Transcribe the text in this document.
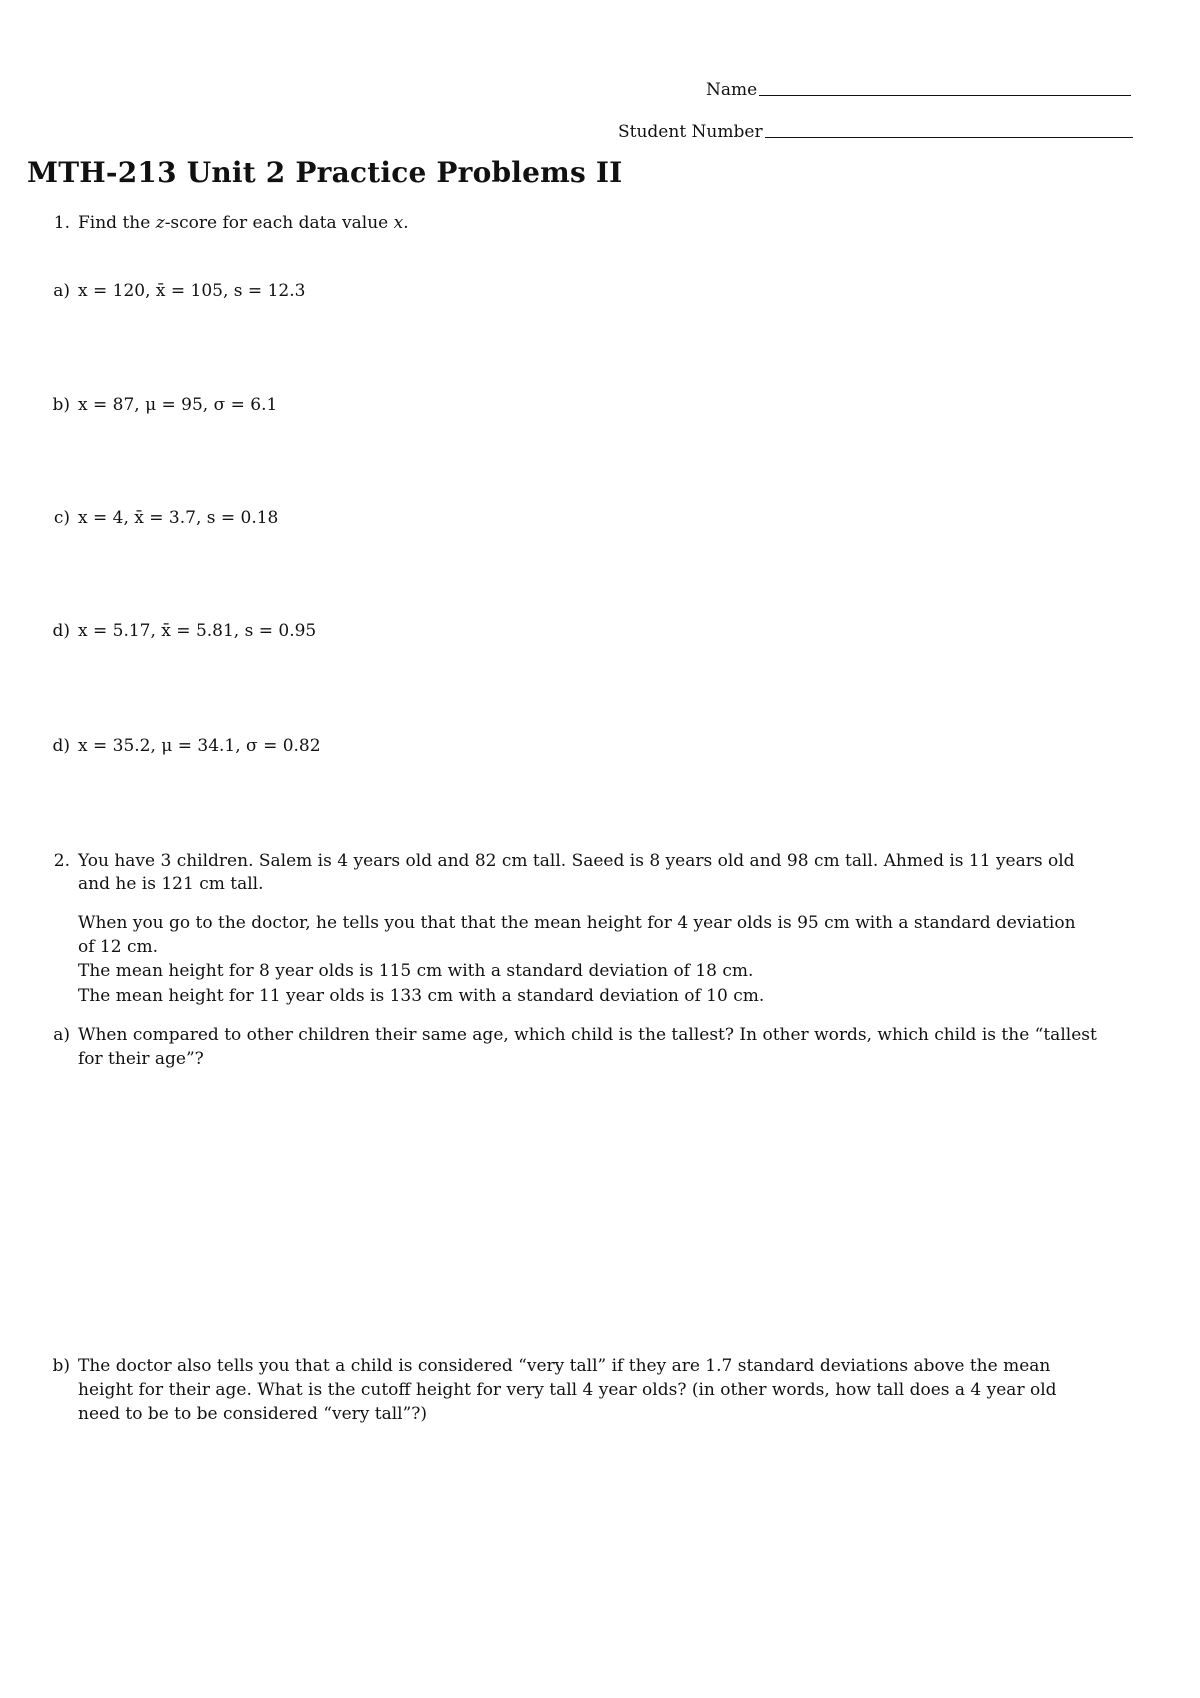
Name
Student Number
MTH-213 Unit 2 Practice Problems II
1. Find the z-score for each data value x.
a) x = 120, x̄ = 105, s = 12.3
b) x = 87, μ = 95, σ = 6.1
c) x = 4, x̄ = 3.7, s = 0.18
d) x = 5.17, x̄ = 5.81, s = 0.95
d) x = 35.2, μ = 34.1, σ = 0.82
2. You have 3 children. Salem is 4 years old and 82 cm tall. Saeed is 8 years old and 98 cm tall. Ahmed is 11 years old
and he is 121 cm tall.
When you go to the doctor, he tells you that that the mean height for 4 year olds is 95 cm with a standard deviation
of 12 cm.
The mean height for 8 year olds is 115 cm with a standard deviation of 18 cm.
The mean height for 11 year olds is 133 cm with a standard deviation of 10 cm.
a) When compared to other children their same age, which child is the tallest? In other words, which child is the “tallest
for their age”?
b) The doctor also tells you that a child is considered “very tall” if they are 1.7 standard deviations above the mean
height for their age. What is the cutoff height for very tall 4 year olds? (in other words, how tall does a 4 year old
need to be to be considered “very tall”?)
